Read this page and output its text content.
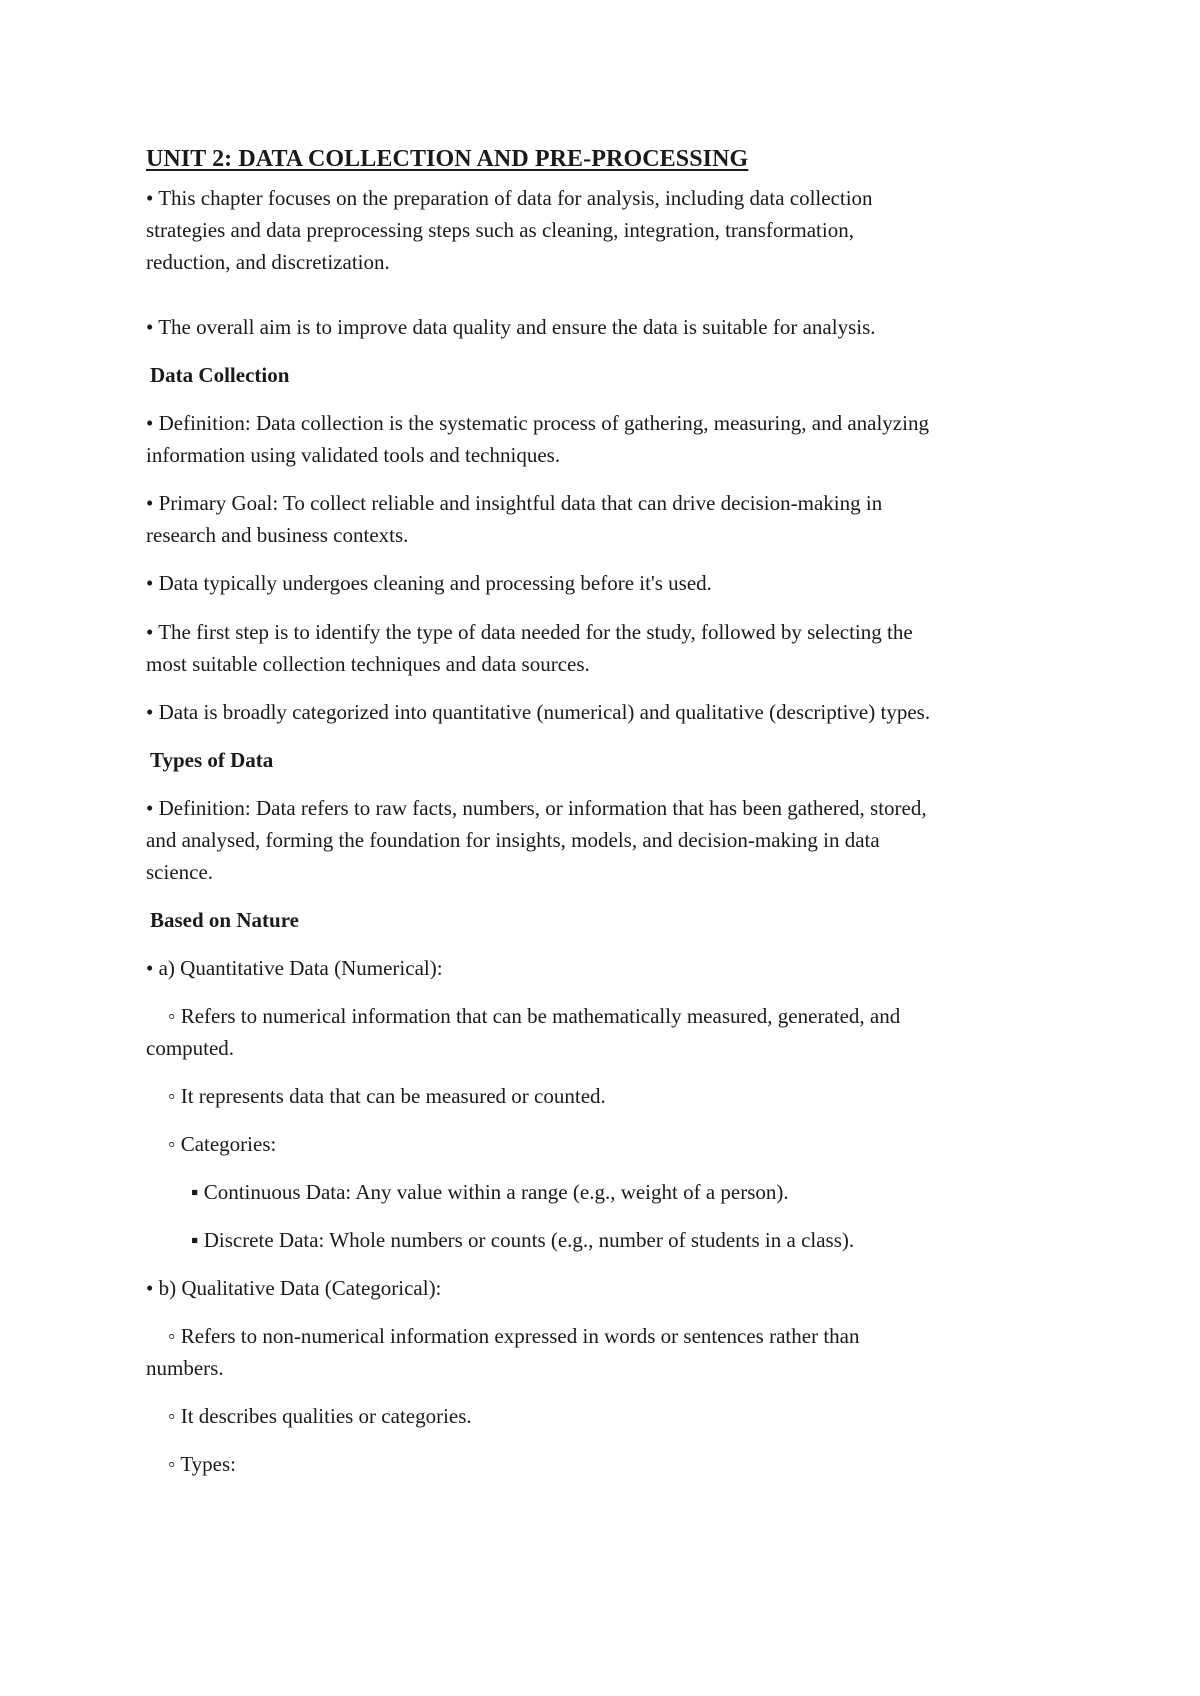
UNIT 2: DATA COLLECTION AND PRE-PROCESSING

• This chapter focuses on the preparation of data for analysis, including data collection
strategies and data preprocessing steps such as cleaning, integration, transformation,
reduction, and discretization.

• The overall aim is to improve data quality and ensure the data is suitable for analysis.

Data Collection

• Definition: Data collection is the systematic process of gathering, measuring, and analyzing
information using validated tools and techniques.

• Primary Goal: To collect reliable and insightful data that can drive decision-making in
research and business contexts.

• Data typically undergoes cleaning and processing before it's used.

• The first step is to identify the type of data needed for the study, followed by selecting the
most suitable collection techniques and data sources.

• Data is broadly categorized into quantitative (numerical) and qualitative (descriptive) types.

Types of Data

• Definition: Data refers to raw facts, numbers, or information that has been gathered, stored,
and analysed, forming the foundation for insights, models, and decision-making in data
science.

Based on Nature

• a) Quantitative Data (Numerical):

◦ Refers to numerical information that can be mathematically measured, generated, and
computed.

◦ It represents data that can be measured or counted.

◦ Categories:

▪ Continuous Data: Any value within a range (e.g., weight of a person).

▪ Discrete Data: Whole numbers or counts (e.g., number of students in a class).

• b) Qualitative Data (Categorical):

◦ Refers to non-numerical information expressed in words or sentences rather than
numbers.

◦ It describes qualities or categories.

◦ Types:
